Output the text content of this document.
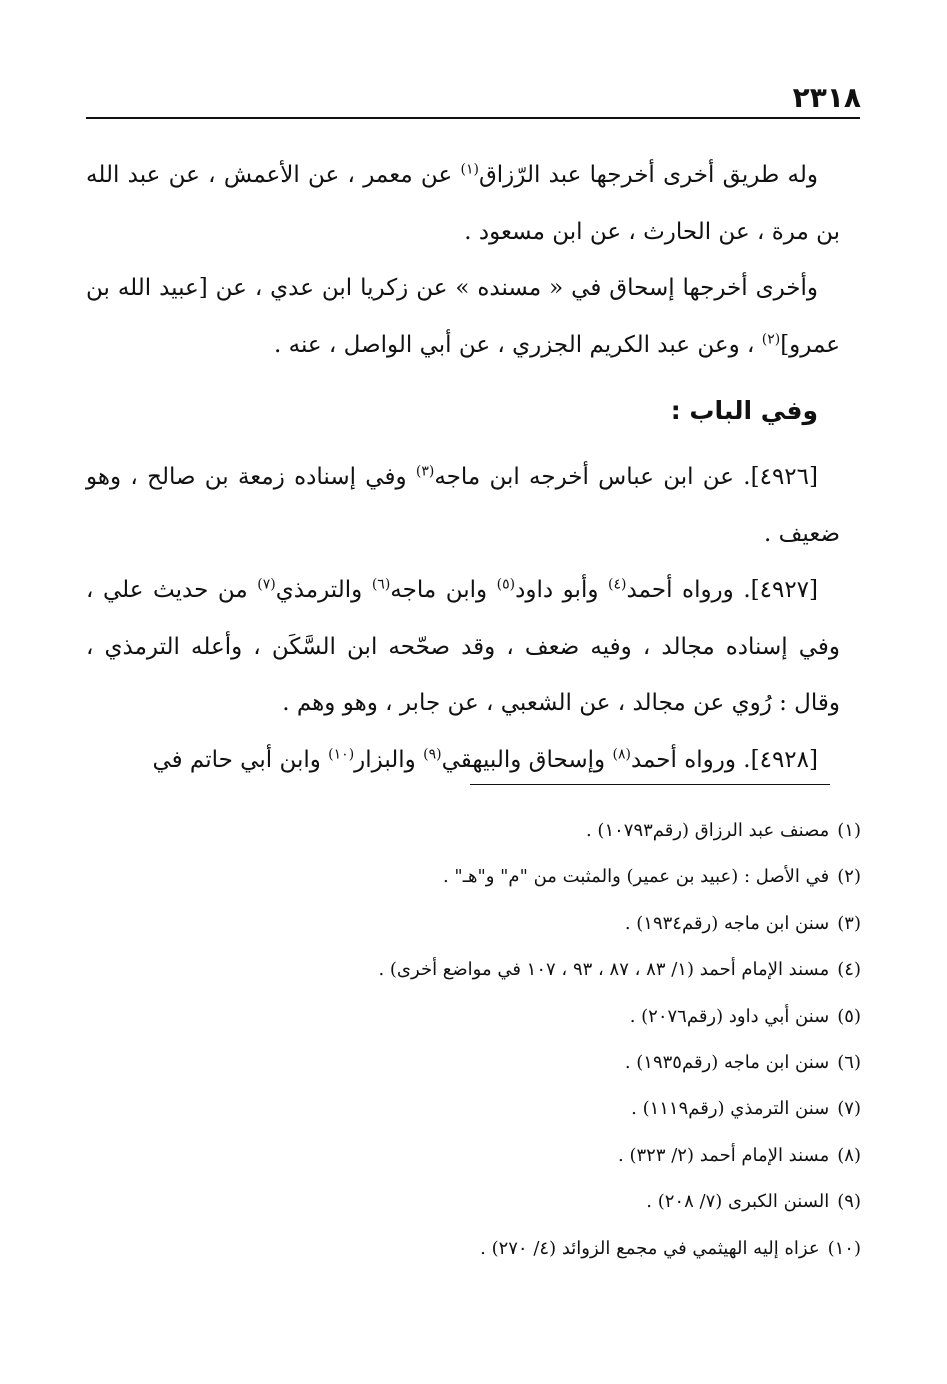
٢٣١٨

وله طريق أخرى أخرجها عبد الرّزاق$^{(١)}$ عن معمر ، عن الأعمش ، عن عبد الله بن مرة ، عن الحارث ، عن ابن مسعود .

وأخرى أخرجها إسحاق في « مسنده » عن زكريا ابن عدي ، عن [عبيد الله بن عمرو]$^{(٢)}$ ، وعن عبد الكريم الجزري ، عن أبي الواصل ، عنه .

وفي الباب :

[٤٩٢٦]. عن ابن عباس أخرجه ابن ماجه$^{(٣)}$ وفي إسناده زمعة بن صالح ، وهو ضعيف .

[٤٩٢٧]. ورواه أحمد$^{(٤)}$ وأبو داود$^{(٥)}$ وابن ماجه$^{(٦)}$ والترمذي$^{(٧)}$ من حديث علي ، وفي إسناده مجالد ، وفيه ضعف ، وقد صحّحه ابن السَّكَن ، وأعله الترمذي ، وقال : رُوي عن مجالد ، عن الشعبي ، عن جابر ، وهو وهم .

[٤٩٢٨]. ورواه أحمد$^{(٨)}$ وإسحاق والبيهقي$^{(٩)}$ والبزار$^{(١٠)}$ وابن أبي حاتم في

(١)مصنف عبد الرزاق (رقم١٠٧٩٣) .

(٢)في الأصل : (عبيد بن عمير) والمثبت من "م" و"هـ" .

(٣)سنن ابن ماجه (رقم١٩٣٤) .

(٤)مسند الإمام أحمد (١/ ٨٣ ، ٨٧ ، ٩٣ ، ١٠٧ في مواضع أخرى) .

(٥)سنن أبي داود (رقم٢٠٧٦) .

(٦)سنن ابن ماجه (رقم١٩٣٥) .

(٧)سنن الترمذي (رقم١١١٩) .

(٨)مسند الإمام أحمد (٢/ ٣٢٣) .

(٩)السنن الكبرى (٧/ ٢٠٨) .

(١٠)عزاه إليه الهيثمي في مجمع الزوائد (٤/ ٢٧٠) .
